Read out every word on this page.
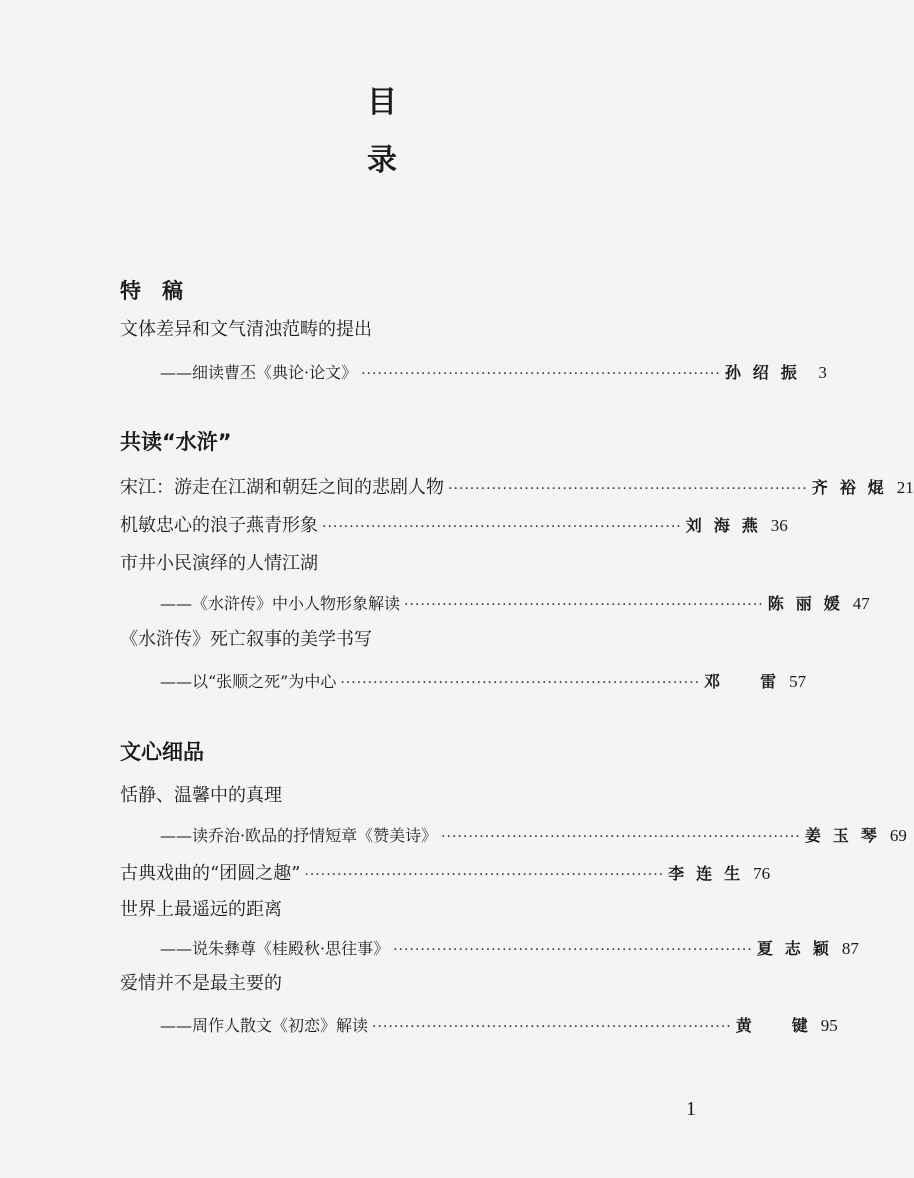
目
录
特　稿
文体差异和文气清浊范畴的提出
——细读曹丕《典论·论文》 ·································································· 孙绍振	3
共读“水浒”
宋江：游走在江湖和朝廷之间的悲剧人物 ·································································· 齐裕焜 21
机敏忠心的浪子燕青形象 ·································································· 刘海燕 36
市井小民演绎的人情江湖
——《水浒传》中小人物形象解读 ·································································· 陈丽媛 47
《水浒传》死亡叙事的美学书写
——以“张顺之死”为中心 ·································································· 邓　雷 57
文心细品
恬静、温馨中的真理
——读乔治·欧品的抒情短章《赞美诗》 ·································································· 姜玉琴 69
古典戏曲的“团圆之趣” ·································································· 李连生 76
世界上最遥远的距离
——说朱彝尊《桂殿秋·思往事》 ·································································· 夏志颖 87
爱情并不是最主要的
——周作人散文《初恋》解读 ·································································· 黄　键 95
1
